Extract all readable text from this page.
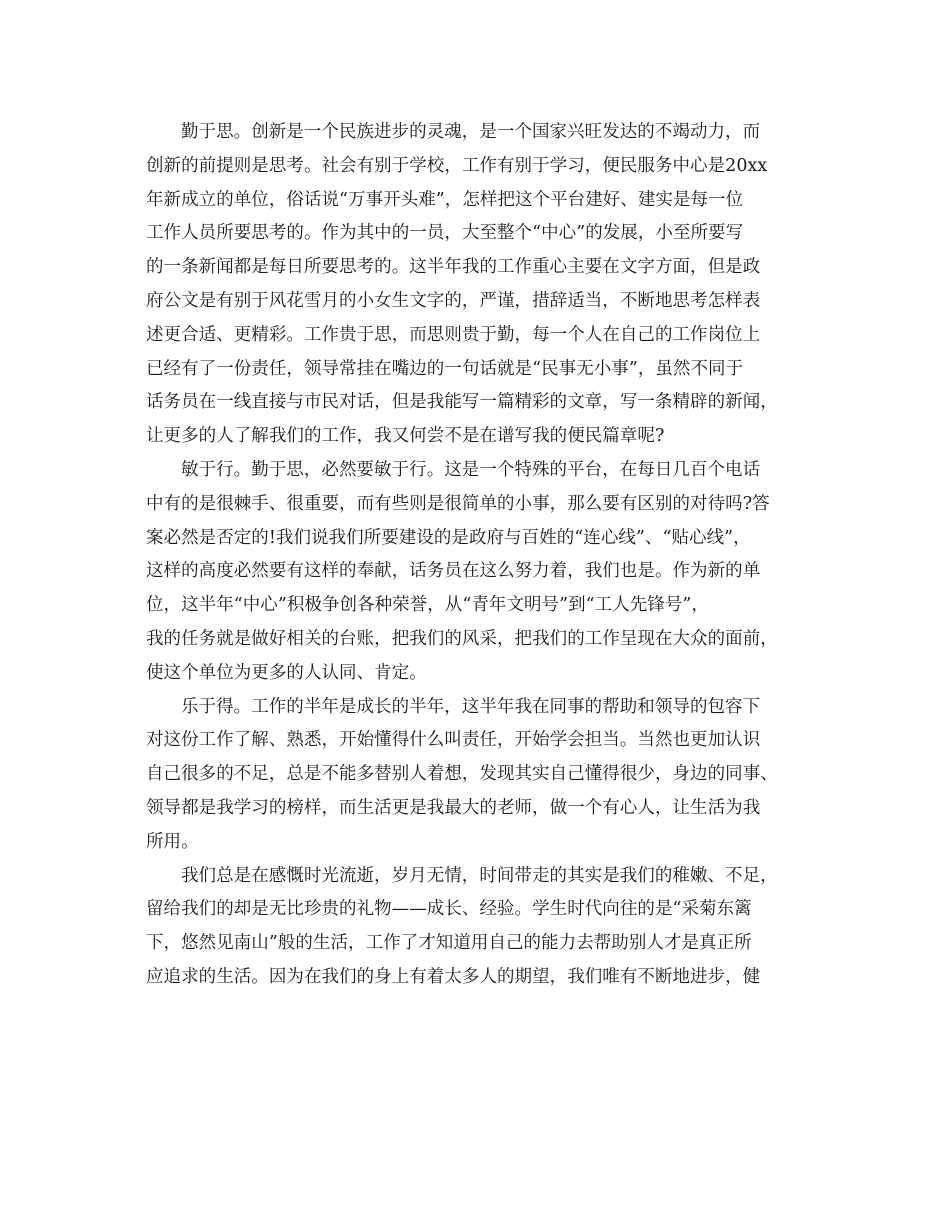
勤于思。创新是一个民族进步的灵魂，是一个国家兴旺发达的不竭动力，而
创新的前提则是思考。社会有别于学校，工作有别于学习，便民服务中心是20xx
年新成立的单位，俗话说“万事开头难”，怎样把这个平台建好、建实是每一位
工作人员所要思考的。作为其中的一员，大至整个“中心”的发展，小至所要写
的一条新闻都是每日所要思考的。这半年我的工作重心主要在文字方面，但是政
府公文是有别于风花雪月的小女生文字的，严谨，措辞适当，不断地思考怎样表
述更合适、更精彩。工作贵于思，而思则贵于勤，每一个人在自己的工作岗位上
已经有了一份责任，领导常挂在嘴边的一句话就是“民事无小事”，虽然不同于
话务员在一线直接与市民对话，但是我能写一篇精彩的文章，写一条精辟的新闻，
让更多的人了解我们的工作，我又何尝不是在谱写我的便民篇章呢?
敏于行。勤于思，必然要敏于行。这是一个特殊的平台，在每日几百个电话
中有的是很棘手、很重要，而有些则是很简单的小事，那么要有区别的对待吗?答
案必然是否定的!我们说我们所要建设的是政府与百姓的“连心线”、“贴心线”，
这样的高度必然要有这样的奉献，话务员在这么努力着，我们也是。作为新的单
位，这半年“中心”积极争创各种荣誉，从“青年文明号”到“工人先锋号”，
我的任务就是做好相关的台账，把我们的风采，把我们的工作呈现在大众的面前，
使这个单位为更多的人认同、肯定。
乐于得。工作的半年是成长的半年，这半年我在同事的帮助和领导的包容下
对这份工作了解、熟悉，开始懂得什么叫责任，开始学会担当。当然也更加认识
自己很多的不足，总是不能多替别人着想，发现其实自己懂得很少，身边的同事、
领导都是我学习的榜样，而生活更是我最大的老师，做一个有心人，让生活为我
所用。
我们总是在感慨时光流逝，岁月无情，时间带走的其实是我们的稚嫩、不足，
留给我们的却是无比珍贵的礼物——成长、经验。学生时代向往的是“采菊东篱
下，悠然见南山”般的生活，工作了才知道用自己的能力去帮助别人才是真正所
应追求的生活。因为在我们的身上有着太多人的期望，我们唯有不断地进步，健
